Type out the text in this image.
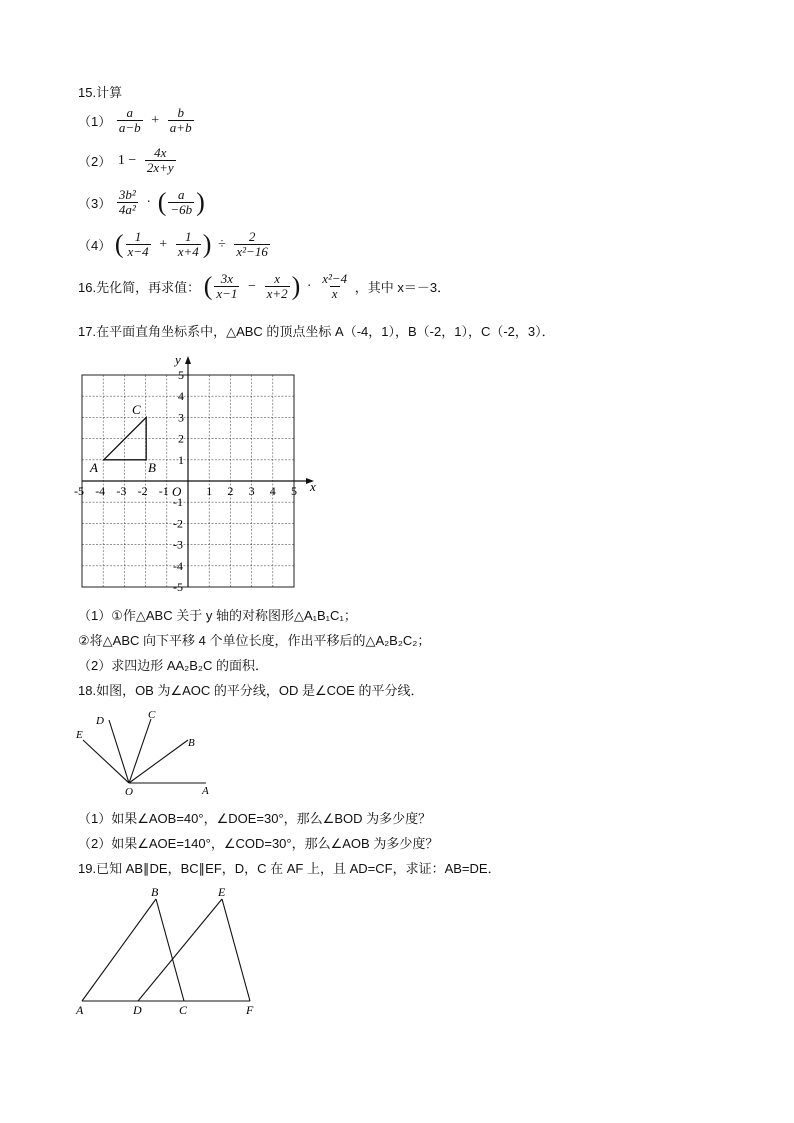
15.计算
$(1) \frac{a}{a-b} + \frac{b}{a+b}$
（2） $1 - \frac{4x}{2x+y}$
$(3) \frac{\text{3b²}}{\text{4a²}}$ · ( $\frac{a}{-6b}$ )
（4） ( $\frac{1}{x-4} + \frac{1}{x+4}$ ) ÷ $\frac{2}{\text{x²−16}}$
16.先化简，再求值： ( $\frac{3x}{x-1} - \frac{x}{x+2}$ ) · $\frac{\text{x²−4}}{x}$ ，其中 x＝－3．
17.在平面直角坐标系中，△ABC 的顶点坐标 A（-4，1），B（-2，1），C（-2，3）．
x
y
O
-5 -4 -3 -2 -1	1 2 3 4 5
5
4
3
2
1
-1
-2
-3
-4
-5
A	B
C
（1）①作△ABC 关于 y 轴的对称图形△A₁B₁C₁；
②将△ABC 向下平移 4 个单位长度，作出平移后的△A₂B₂C₂；
（2）求四边形 AA₂B₂C 的面积．
18.如图，OB 为∠AOC 的平分线，OD 是∠COE 的平分线．
O	A
B
C
D
E
（1）如果∠AOB=40°，∠DOE=30°，那么∠BOD 为多少度？
（2）如果∠AOE=140°，∠COD=30°，那么∠AOB 为多少度？
19.已知 AB∥DE，BC∥EF，D，C 在 AF 上，且 AD=CF，求证：AB=DE．
A
B
C
D
E
F
